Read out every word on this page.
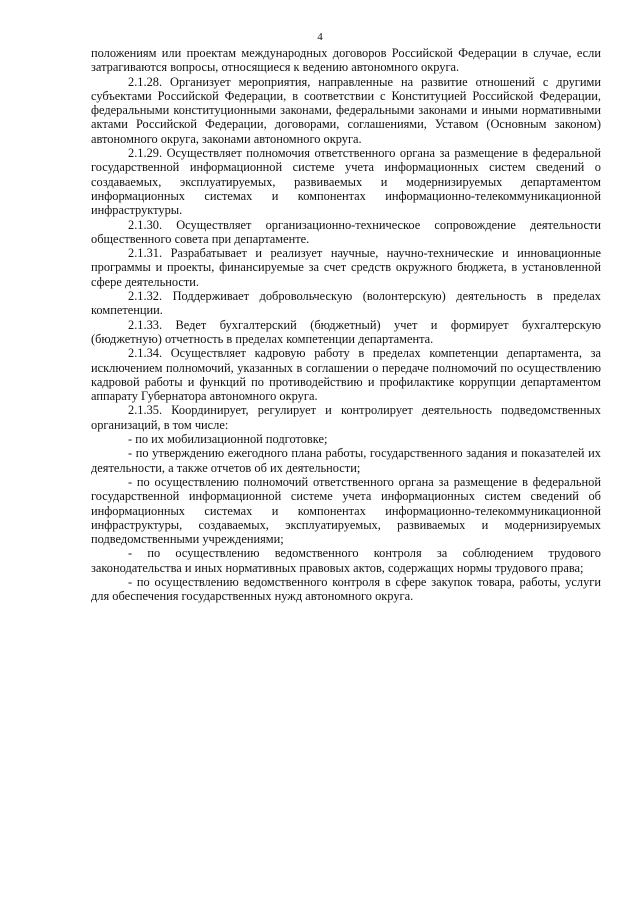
4

положениям или проектам международных договоров Российской Федерации в случае, если затрагиваются вопросы, относящиеся к ведению автономного округа.

2.1.28. Организует мероприятия, направленные на развитие отношений с другими субъектами Российской Федерации, в соответствии с Конституцией Российской Федерации, федеральными конституционными законами, федеральными законами и иными нормативными актами Российской Федерации, договорами, соглашениями, Уставом (Основным законом) автономного округа, законами автономного округа.

2.1.29. Осуществляет полномочия ответственного органа за размещение в федеральной государственной информационной системе учета информационных систем сведений о создаваемых, эксплуатируемых, развиваемых и модернизируемых департаментом информационных системах и компонентах информационно-телекоммуникационной инфраструктуры.

2.1.30. Осуществляет организационно-техническое сопровождение деятельности общественного совета при департаменте.

2.1.31. Разрабатывает и реализует научные, научно-технические и инновационные программы и проекты, финансируемые за счет средств окружного бюджета, в установленной сфере деятельности.

2.1.32. Поддерживает добровольческую (волонтерскую) деятельность в пределах компетенции.

2.1.33. Ведет бухгалтерский (бюджетный) учет и формирует бухгалтерскую (бюджетную) отчетность в пределах компетенции департамента.

2.1.34. Осуществляет кадровую работу в пределах компетенции департамента, за исключением полномочий, указанных в соглашении о передаче полномочий по осуществлению кадровой работы и функций по противодействию и профилактике коррупции департаментом аппарату Губернатора автономного округа.

2.1.35. Координирует, регулирует и контролирует деятельность подведомственных организаций, в том числе:

- по их мобилизационной подготовке;

- по утверждению ежегодного плана работы, государственного задания и показателей их деятельности, а также отчетов об их деятельности;

- по осуществлению полномочий ответственного органа за размещение в федеральной государственной информационной системе учета информационных систем сведений об информационных системах и компонентах информационно-телекоммуникационной инфраструктуры, создаваемых, эксплуатируемых, развиваемых и модернизируемых подведомственными учреждениями;

- по осуществлению ведомственного контроля за соблюдением трудового законодательства и иных нормативных правовых актов, содержащих нормы трудового права;

- по осуществлению ведомственного контроля в сфере закупок товара, работы, услуги для обеспечения государственных нужд автономного округа.
